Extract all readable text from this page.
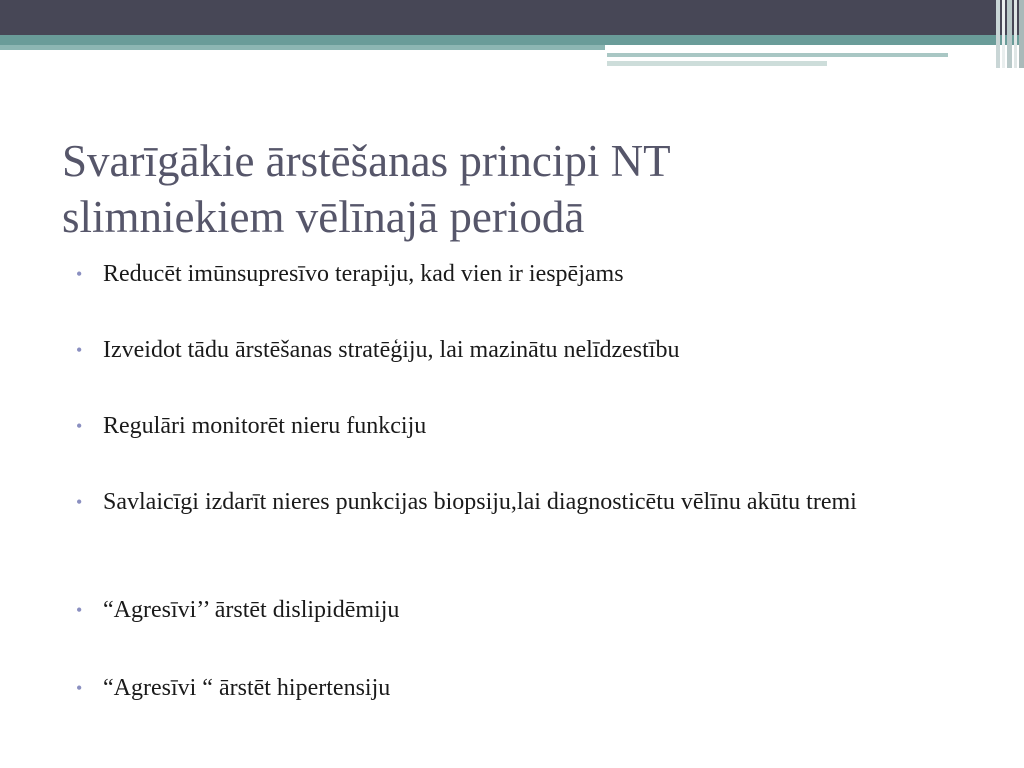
Svarīgākie ārstēšanas principi NT
slimniekiem vēlīnajā periodā
• Reducēt imūnsupresīvo terapiju, kad vien ir iespējams
• Izveidot tādu ārstēšanas stratēģiju, lai mazinātu nelīdzestību
• Regulāri monitorēt nieru funkciju
• Savlaicīgi izdarīt nieres punkcijas biopsiju,lai diagnosticētu vēlīnu akūtu tremi
• “Agresīvi’’ ārstēt dislipidēmiju
• “Agresīvi “ ārstēt hipertensiju
